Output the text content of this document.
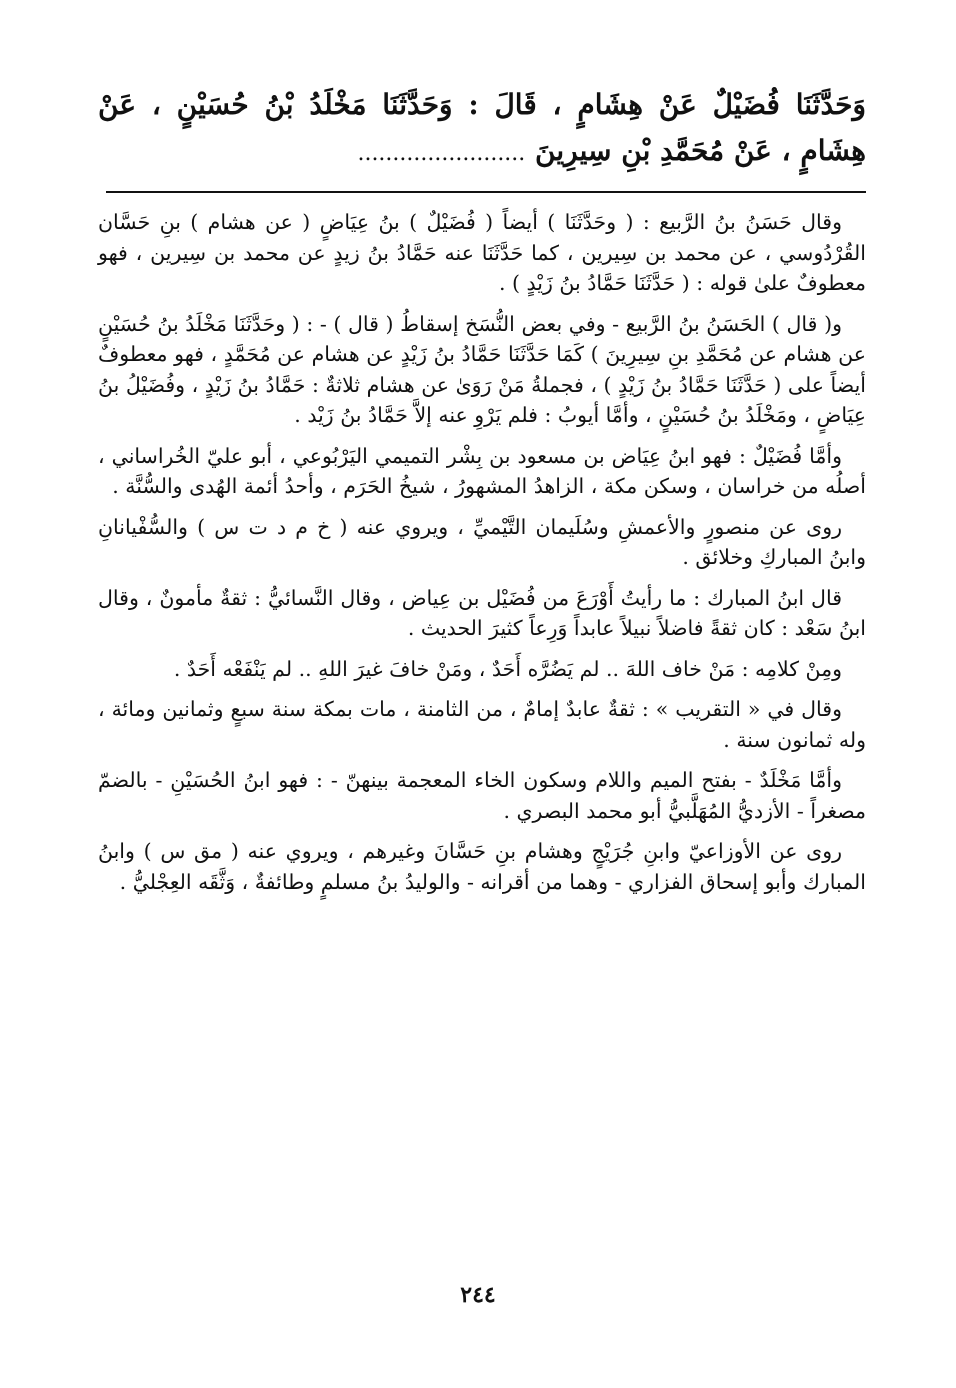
وَحَدَّثَنَا فُضَيْلٌ عَنْ هِشَامٍ ، قَالَ : وَحَدَّثَنَا مَخْلَدُ بْنُ حُسَيْنٍ ، عَنْ هِشَامٍ ، عَنْ مُحَمَّدِ بْنِ سِيرِينَ ........................

وقال حَسَنُ بنُ الرَّبيع : ( وحَدَّثَنَا ) أيضاً ( فُضَيْلٌ ) بنُ عِيَاضٍ ( عن هشام ) بنِ حَسَّان القُرْدُوسي ، عن محمد بن سِيرين ، كما حَدَّثَنَا عنه حَمَّادُ بنُ زيدٍ عن محمد بن سِيرين ، فهو معطوفٌ علىٰ قوله : ( حَدَّثَنَا حَمَّادُ بنُ زَيْدٍ ) .

و( قال ) الحَسَنُ بنُ الرَّبيع - وفي بعض النُّسَخ إسقاطُ ( قال ) - : ( وحَدَّثَنَا مَخْلَدُ بنُ حُسَيْنٍ عن هشام عن مُحَمَّدِ بنِ سِيرِينَ ) كَمَا حَدَّثَنَا حَمَّادُ بنُ زَيْدٍ عن هشام عن مُحَمَّدٍ ، فهو معطوفٌ أيضاً على ( حَدَّثَنَا حَمَّادُ بنُ زَيْدٍ ) ، فجملةُ مَنْ رَوَىٰ عن هشام ثلاثةٌ : حَمَّادُ بنُ زَيْدٍ ، وفُضَيْلُ بنُ عِيَاضٍ ، ومَخْلَدُ بنُ حُسَيْنٍ ، وأمَّا أيوبُ : فلم يَرْوِ عنه إلاَّ حَمَّادُ بنُ زَيْد .

وأمَّا فُضَيْلٌ : فهو ابنُ عِيَاض بن مسعود بن بِشْر التميمي اليَرْبُوعي ، أبو عليّ الخُراساني ، أصلُه من خراسان ، وسكن مكة ، الزاهدُ المشهورُ ، شيخُ الحَرَم ، وأحدُ أئمة الهُدى والسُّنَّة .

روى عن منصورٍ والأعمشِ وسُلَيمان التَّيْميِّ ، ويروي عنه ( خ م د ت س ) والسُّفْيانانِ وابنُ المباركِ وخلائق .

قال ابنُ المبارك : ما رأيتُ أَوْرَعَ من فُضَيْل بن عِياض ، وقال النَّسائيُّ : ثقةٌ مأمونٌ ، وقال ابنُ سَعْد : كان ثقةً فاضلاً نبيلاً عابداً وَرِعاً كثيرَ الحديث .

ومِنْ كلامِه : مَنْ خاف اللهَ .. لم يَضُرَّه أَحَدٌ ، ومَنْ خافَ غيرَ اللهِ .. لم يَنْفَعْه أَحَدٌ .

وقال في « التقريب » : ثقةٌ عابدٌ إمامٌ ، من الثامنة ، مات بمكة سنة سبعٍ وثمانين ومائة ، وله ثمانون سنة .

وأمَّا مَخْلَدٌ - بفتح الميم واللام وسكون الخاء المعجمة بينهنّ - : فهو ابنُ الحُسَيْنِ - بالضمّ مصغراً - الأزديُّ المُهَلَّبيُّ أبو محمد البصري .

روى عن الأوزاعيّ وابنِ جُرَيْجٍ وهشام بنِ حَسَّانَ وغيرهم ، ويروي عنه ( مق س ) وابنُ المبارك وأبو إسحاق الفزاري - وهما من أقرانه - والوليدُ بنُ مسلمٍ وطائفةٌ ، وَثَّقَه العِجْليُّ .

٢٤٤
